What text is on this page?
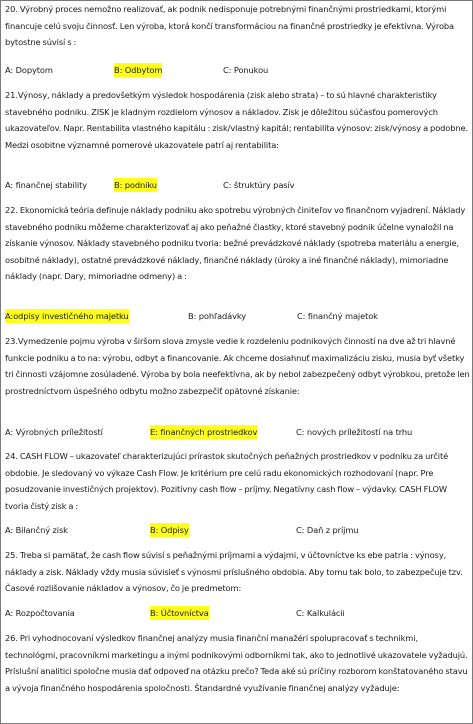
20. Výrobný proces nemožno realizovať, ak podnik nedisponuje potrebnými finančnými prostriedkami, ktorými financuje celú svoju činnosť. Len výroba, ktorá končí transformáciou na finančné prostriedky je efektívna. Výroba bytostne súvisí s :
A: Dopytom	B: Odbytom	C: Ponukou
21.Výnosy, náklady a predovšetkým výsledok hospodárenia (zisk alebo strata) – to sú hlavné charakteristiky stavebného podniku. ZISK je kladným rozdielom výnosov a nákladov. Zisk je dôležitou súčasťou pomerových ukazovateľov. Napr. Rentabilita vlastného kapitálu : zisk/vlastný kapitál; rentabilita výnosov: zisk/výnosy a podobne. Medzi osobitne významné pomerové ukazovatele patrí aj rentabilita:
A: finančnej stability	B: podniku	C: štruktúry pasív
22. Ekonomická teória definuje náklady podniku ako spotrebu výrobných činiteľov vo finančnom vyjadrení. Náklady stavebného podniku môžeme charakterizovať aj ako peňažné čiastky, ktoré stavebný podnik účelne vynaložil na získanie výnosov. Náklady stavebného podniku tvoria: bežné prevádzkové náklady (spotreba materiálu a energie, osobitné náklady), ostatné prevádzkové náklady, finančné náklady (úroky a iné finančné náklady), mimoriadne náklady (napr. Dary, mimoriadne odmeny) a :
A:odpisy investičného majetku	B: pohľadávky	C: finančný majetok
23.Vymedzenie pojmu výroba v širšom slova zmysle vedie k rozdeleniu podnikových činností na dve až tri hlavné funkcie podniku a to na: výrobu, odbyt a financovanie. Ak chceme dosiahnuť maximalizáciu zisku, musia byť všetky tri činnosti vzájomne zosúladené. Výroba by bola neefektívna, ak by nebol zabezpečený odbyt výrobkou, pretože len prostredníctvom úspešného odbytu možno zabezpečiť opätovné získanie:
A: Výrobných príležitostí	E: finančných prostriedkov	C: nových príležitostí na trhu
24. CASH FLOW – ukazovateľ charakterizujúci prírastok skutočných peňažných prostriedkov v podniku za určité obdobie. Je sledovaný vo výkaze Cash Flow. Je kritérium pre celú radu ekonomických rozhodovaní (napr. Pre posudzovanie investičných projektov). Pozitívny cash flow – príjmy. Negatívny cash flow – výdavky. CASH FLOW tvoria čistý zisk a :
A: Bilančný zisk	B: Odpisy	C: Daň z príjmu
25. Treba si pamätať, že cash flow súvisí s peňažnými príjmami a výdajmi, v účtovníctve ks ebe patria : výnosy, náklady a zisk. Náklady vždy musia súvisieť s výnosmi príslušného obdobia. Aby tomu tak bolo, to zabezpečuje tzv. Časové rozlišovanie nákladov a výnosov, čo je predmetom:
A: Rozpočtovania	B: Účtovníctva	C: Kalkulácii
26. Pri vyhodnocovaní výsledkov finančnej analýzy musia finanční manažéri spolupracovať s technikmi, technológmi, pracovníkmi marketingu a inými podnikovými odborníkmi tak, ako to jednotlivé ukazovatele vyžadujú. Príslušní analitici spoločne musia dať odpoveď na otázku prečo? Teda aké sú príčiny rozborom konštatovaného stavu a vývoja finančného hospodárenia spoločnosti. Štandardné využívanie finančnej analýzy vyžaduje:
